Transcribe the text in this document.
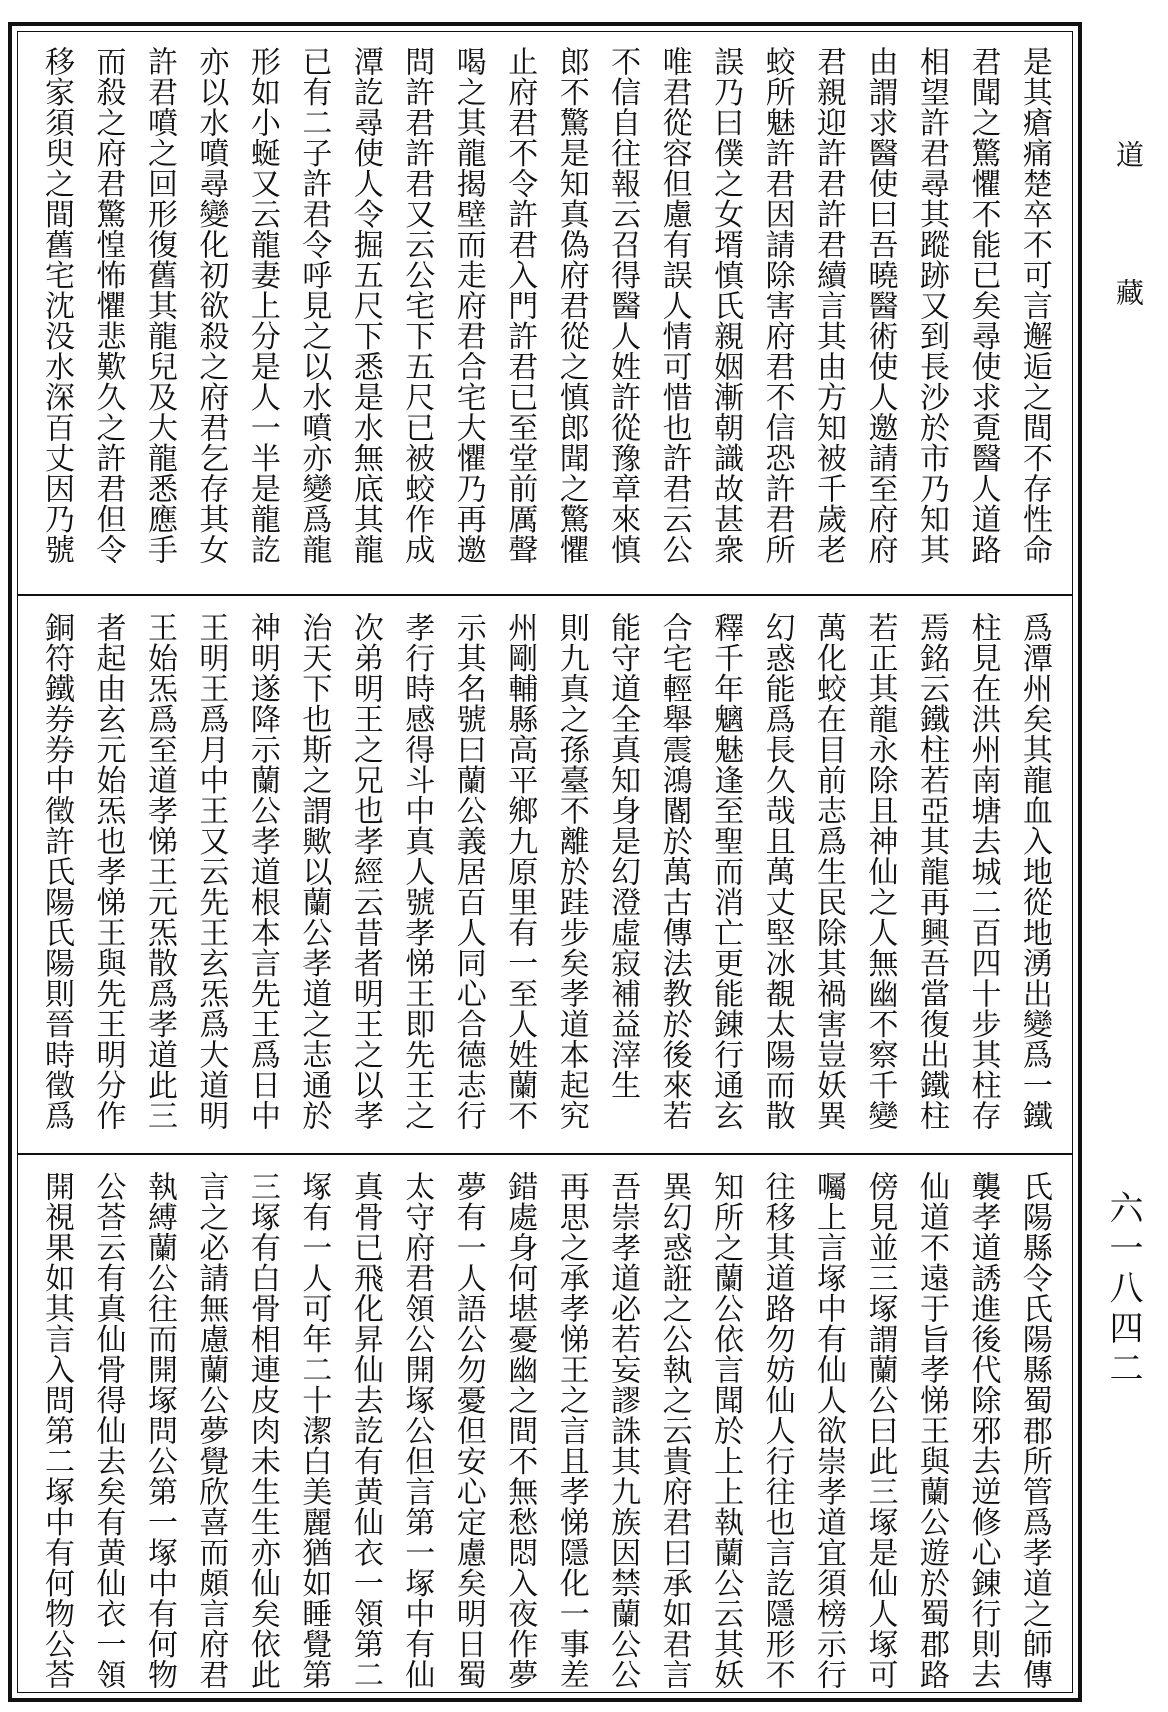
是其瘡痛楚卒不可言邂逅之間不存性命
君聞之驚懼不能已矣尋使求覔醫人道路
相望許君尋其蹤跡又到長沙於市乃知其
由謂求醫使曰吾曉醫術使人邀請至府府
君親迎許君許君續言其由方知被千歲老
蛟所魅許君因請除害府君不信恐許君所
誤乃曰僕之女壻慎氏親姻漸朝識故甚衆
唯君從容但慮有誤人情可惜也許君云公
不信自往報云召得醫人姓許從豫章來慎
郎不驚是知真偽府君從之慎郎聞之驚懼
止府君不令許君入門許君已至堂前厲聲
喝之其龍揭壁而走府君合宅大懼乃再邀
問許君許君又云公宅下五尺已被蛟作成
潭訖尋使人令掘五尺下悉是水無底其龍
已有二子許君令呼見之以水噴亦變爲龍
形如小蜒又云龍妻上分是人一半是龍訖
亦以水噴尋變化初欲殺之府君乞存其女
許君噴之回形復舊其龍兒及大龍悉應手
而殺之府君驚惶怖懼悲歎久之許君但令
移家須臾之間舊宅沈没水深百丈因乃號
爲潭州矣其龍血入地從地湧出變爲一鐵
柱見在洪州南塘去城二百四十步其柱存
焉銘云鐵柱若亞其龍再興吾當復出鐵柱
若正其龍永除且神仙之人無幽不察千變
萬化蛟在目前志爲生民除其禍害豈妖異
幻惑能爲長久哉且萬丈堅冰覩太陽而散
釋千年魑魅逢至聖而消亡更能錬行通玄
合宅輕舉震鴻閽於萬古傳法教於後來若
能守道全真知身是幻澄虛寂補益滓生
則九真之孫臺不離於跬步矣孝道本起究
州剛輔縣高平鄉九原里有一至人姓蘭不
示其名號曰蘭公義居百人同心合德志行
孝行時感得斗中真人號孝悌王即先王之
次弟明王之兄也孝經云昔者明王之以孝
治天下也斯之謂歟以蘭公孝道之志通於
神明遂降示蘭公孝道根本言先王爲日中
王明王爲月中王又云先王玄炁爲大道明
王始炁爲至道孝悌王元炁散爲孝道此三
者起由玄元始炁也孝悌王與先王明分作
銅符鐵券券中徵許氏陽氏陽則晉時徵爲
氏陽縣令氏陽縣蜀郡所管爲孝道之師傳
襲孝道誘進後代除邪去逆修心錬行則去
仙道不遠于旨孝悌王與蘭公遊於蜀郡路
傍見並三塚謂蘭公曰此三塚是仙人塚可
囑上言塚中有仙人欲崇孝道宜須榜示行
往移其道路勿妨仙人行往也言訖隱形不
知所之蘭公依言聞於上上執蘭公云其妖
異幻惑誑之公執之云貴府君曰承如君言
吾崇孝道必若妄謬誅其九族因禁蘭公公
再思之承孝悌王之言且孝悌隱化一事差
錯處身何堪憂幽之間不無愁悶入夜作夢
夢有一人語公勿憂但安心定慮矣明日蜀
太守府君領公開塚公但言第一塚中有仙
真骨已飛化昇仙去訖有黄仙衣一領第二
塚有一人可年二十潔白美麗猶如睡覺第
三塚有白骨相連皮肉未生生亦仙矣依此
言之必請無慮蘭公夢覺欣喜而頗言府君
執縛蘭公往而開塚問公第一塚中有何物
公荅云有真仙骨得仙去矣有黄仙衣一領
開視果如其言入問第二塚中有何物公荅
道藏
六一八四二
